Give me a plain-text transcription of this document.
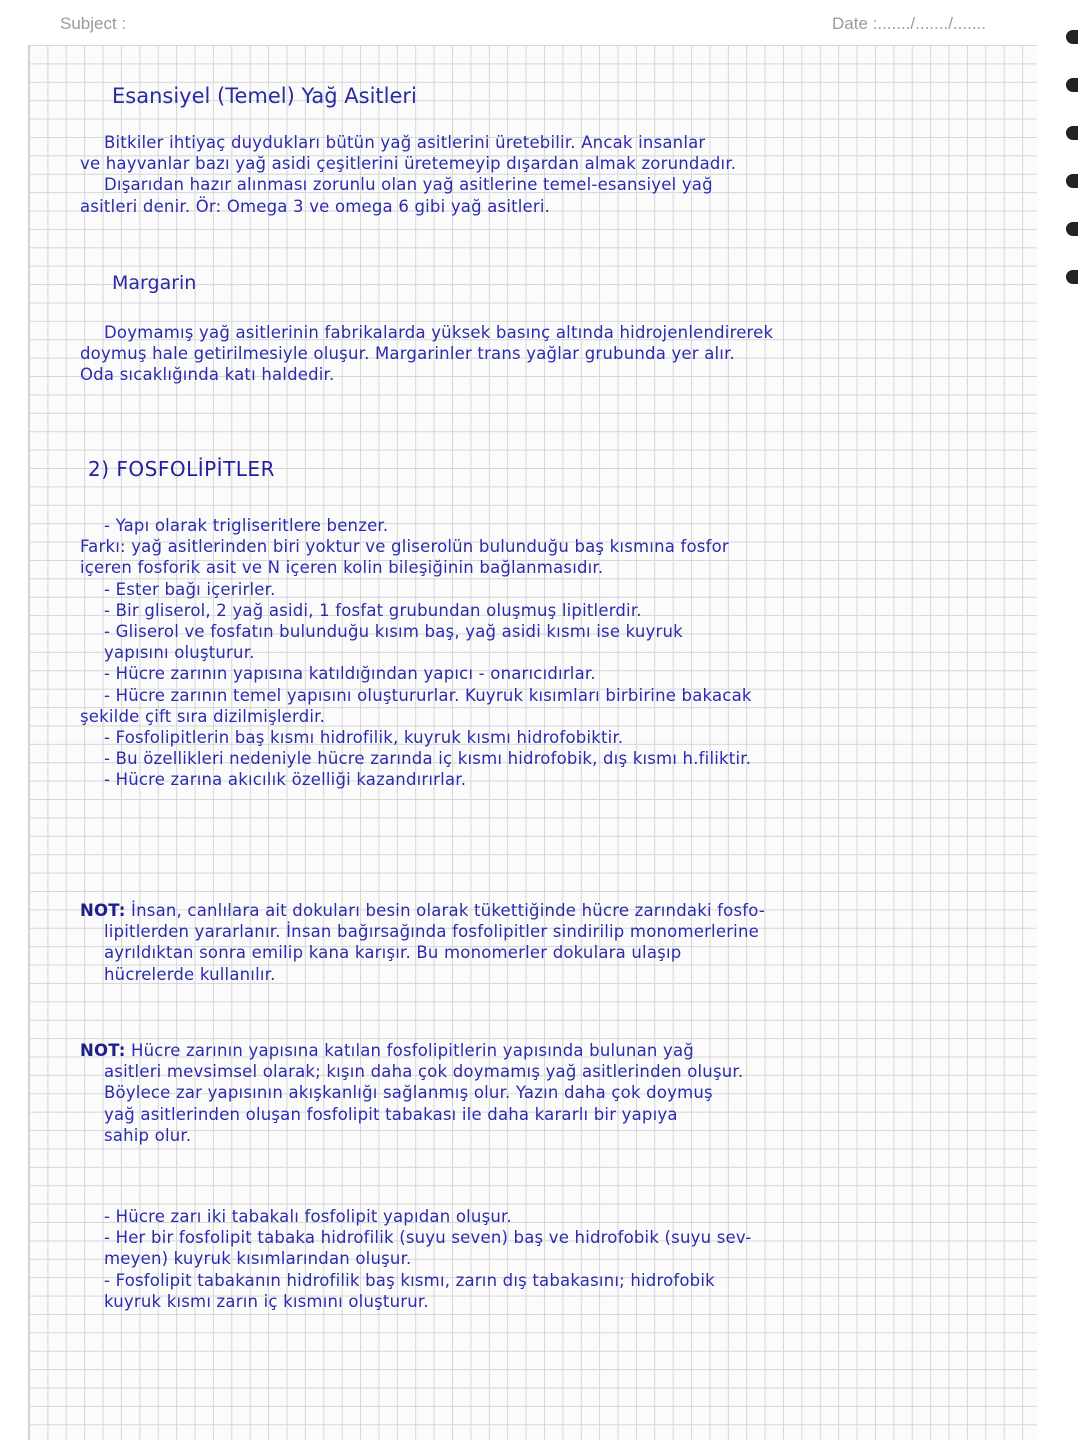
Subject :	Date :......./......./.......
Esansiyel (Temel) Yağ Asitleri

Bitkiler ihtiyaç duydukları bütün yağ asitlerini üretebilir. Ancak insanlar

ve hayvanlar bazı yağ asidi çeşitlerini üretemeyip dışardan almak zorundadır.

Dışarıdan hazır alınması zorunlu olan yağ asitlerine temel-esansiyel yağ

asitleri denir. Ör: Omega 3 ve omega 6 gibi yağ asitleri.

Margarin

Doymamış yağ asitlerinin fabrikalarda yüksek basınç altında hidrojenlendirerek

doymuş hale getirilmesiyle oluşur. Margarinler trans yağlar grubunda yer alır.

Oda sıcaklığında katı haldedir.

2) FOSFOLİPİTLER

- Yapı olarak trigliseritlere benzer.

Farkı: yağ asitlerinden biri yoktur ve gliserolün bulunduğu baş kısmına fosfor

içeren fosforik asit ve N içeren kolin bileşiğinin bağlanmasıdır.

- Ester bağı içerirler.

- Bir gliserol, 2 yağ asidi, 1 fosfat grubundan oluşmuş lipitlerdir.

- Gliserol ve fosfatın bulunduğu kısım baş, yağ asidi kısmı ise kuyruk

yapısını oluşturur.

- Hücre zarının yapısına katıldığından yapıcı - onarıcıdırlar.

- Hücre zarının temel yapısını oluştururlar. Kuyruk kısımları birbirine bakacak

şekilde çift sıra dizilmişlerdir.

- Fosfolipitlerin baş kısmı hidrofilik, kuyruk kısmı hidrofobiktir.

- Bu özellikleri nedeniyle hücre zarında iç kısmı hidrofobik, dış kısmı h.filiktir.

- Hücre zarına akıcılık özelliği kazandırırlar.

NOT: İnsan, canlılara ait dokuları besin olarak tükettiğinde hücre zarındaki fosfo-

lipitlerden yararlanır. İnsan bağırsağında fosfolipitler sindirilip monomerlerine

ayrıldıktan sonra emilip kana karışır. Bu monomerler dokulara ulaşıp

hücrelerde kullanılır.

NOT: Hücre zarının yapısına katılan fosfolipitlerin yapısında bulunan yağ

asitleri mevsimsel olarak; kışın daha çok doymamış yağ asitlerinden oluşur.

Böylece zar yapısının akışkanlığı sağlanmış olur. Yazın daha çok doymuş

yağ asitlerinden oluşan fosfolipit tabakası ile daha kararlı bir yapıya

sahip olur.

- Hücre zarı iki tabakalı fosfolipit yapıdan oluşur.

- Her bir fosfolipit tabaka hidrofilik (suyu seven) baş ve hidrofobik (suyu sev-

meyen) kuyruk kısımlarından oluşur.

- Fosfolipit tabakanın hidrofilik baş kısmı, zarın dış tabakasını; hidrofobik

kuyruk kısmı zarın iç kısmını oluşturur.
